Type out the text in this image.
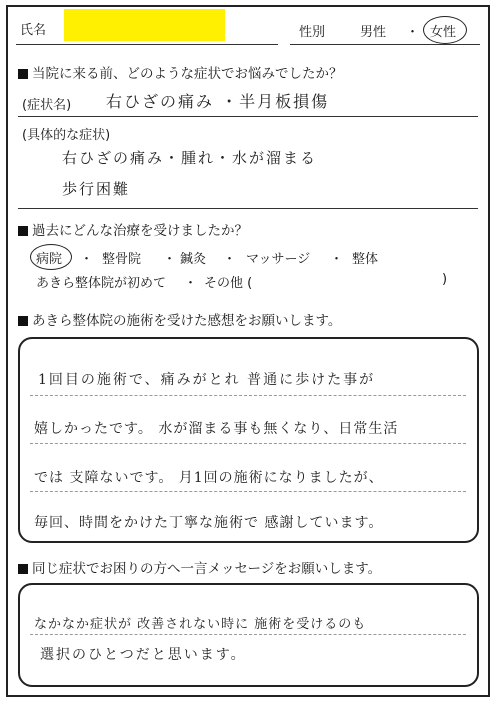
氏名	性別	男性 ・ 女性
当院に来る前、どのような症状でお悩みでしたか？
(症状名) 右ひざの痛み ・半月板損傷
(具体的な症状)
右ひざの痛み・腫れ・水が溜まる
歩行困難
過去にどんな治療を受けましたか？
病院 ・ 整骨院 ・ 鍼灸 ・ マッサージ ・ 整体
あきら整体院が初めて ・ その他 (	)
あきら整体院の施術を受けた感想をお願いします。
1回目の施術で、痛みがとれ 普通に歩けた事が
嬉しかったです。 水が溜まる事も無くなり、日常生活
では 支障ないです。 月1回の施術になりましたが、
毎回、時間をかけた丁寧な施術で 感謝しています。
同じ症状でお困りの方へ一言メッセージをお願いします。
なかなか症状が 改善されない時に 施術を受けるのも
選択のひとつだと思います。
